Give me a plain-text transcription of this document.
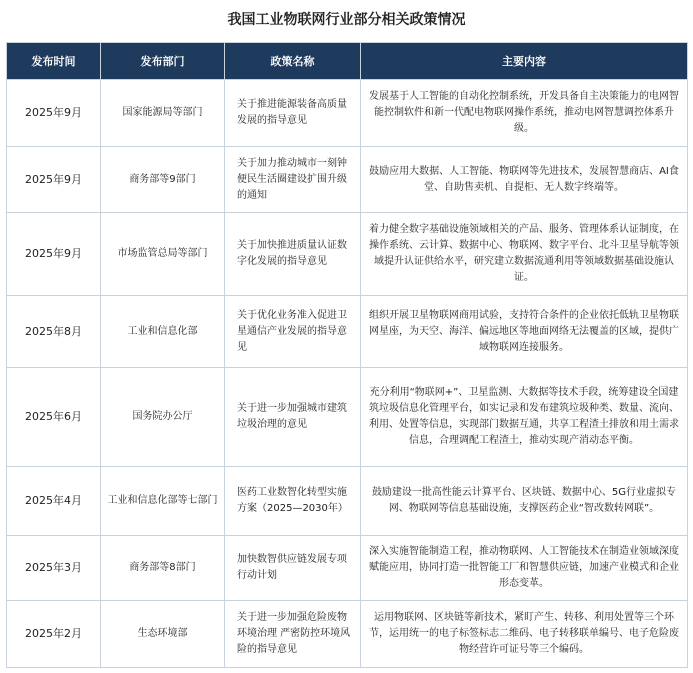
我国工业物联网行业部分相关政策情况
发布时间	发布部门	政策名称	主要内容
2025年9月	国家能源局等部门	关于推进能源装备高质量发展的指导意见	发展基于人工智能的自动化控制系统，开发具备自主决策能力的电网智能控制软件和新一代配电物联网操作系统，推动电网智慧调控体系升级。
2025年9月	商务部等9部门	关于加力推动城市一刻钟便民生活圈建设扩围升级的通知	鼓励应用大数据、人工智能、物联网等先进技术，发展智慧商店、AI食堂、自助售卖机、自提柜、无人数字终端等。
2025年9月	市场监管总局等部门	关于加快推进质量认证数字化发展的指导意见	着力健全数字基础设施领域相关的产品、服务、管理体系认证制度，在操作系统、云计算、数据中心、物联网、数字平台、北斗卫星导航等领域提升认证供给水平，研究建立数据流通利用等领域数据基础设施认证。
2025年8月	工业和信息化部	关于优化业务准入促进卫星通信产业发展的指导意见	组织开展卫星物联网商用试验，支持符合条件的企业依托低轨卫星物联网星座，为天空、海洋、偏远地区等地面网络无法覆盖的区域，提供广域物联网连接服务。
2025年6月	国务院办公厅	关于进一步加强城市建筑垃圾治理的意见	充分利用“物联网+”、卫星监测、大数据等技术手段，统筹建设全国建筑垃圾信息化管理平台，如实记录和发布建筑垃圾种类、数量、流向、利用、处置等信息，实现部门数据互通，共享工程渣土排放和用土需求信息，合理调配工程渣土，推动实现产消动态平衡。
2025年4月	工业和信息化部等七部门	医药工业数智化转型实施方案（2025—2030年）	鼓励建设一批高性能云计算平台、区块链、数据中心、5G行业虚拟专网、物联网等信息基础设施，支撑医药企业“智改数转网联”。
2025年3月	商务部等8部门	加快数智供应链发展专项行动计划	深入实施智能制造工程，推动物联网、人工智能技术在制造业领域深度赋能应用，协同打造一批智能工厂和智慧供应链，加速产业模式和企业形态变革。
2025年2月	生态环境部	关于进一步加强危险废物环境治理 严密防控环境风险的指导意见	运用物联网、区块链等新技术，紧盯产生、转移、利用处置等三个环节，运用统一的电子标签标志二维码、电子转移联单编号、电子危险废物经营许可证号等三个编码。
